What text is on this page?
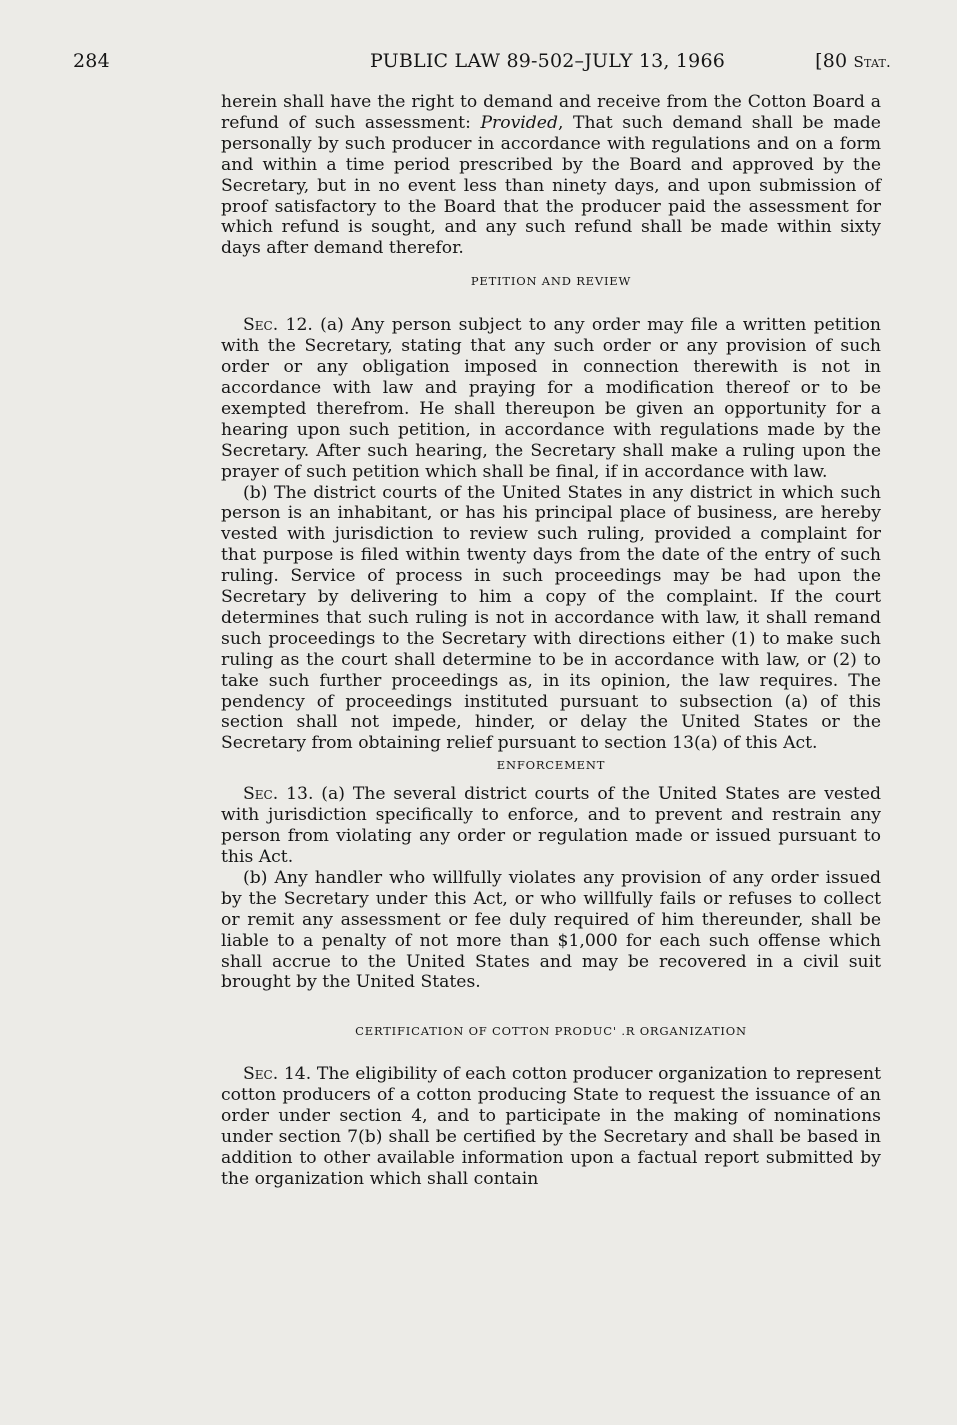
284	PUBLIC LAW 89-502–JULY 13, 1966	[80 Stat.

herein shall have the right to demand and receive from the Cotton Board a refund of such assessment: Provided, That such demand shall be made personally by such producer in accordance with regulations and on a form and within a time period prescribed by the Board and approved by the Secretary, but in no event less than ninety days, and upon submission of proof satisfactory to the Board that the producer paid the assessment for which refund is sought, and any such refund shall be made within sixty days after demand therefor.

PETITION AND REVIEW

Sec. 12. (a) Any person subject to any order may file a written petition with the Secretary, stating that any such order or any provision of such order or any obligation imposed in connection therewith is not in accordance with law and praying for a modification thereof or to be exempted therefrom. He shall thereupon be given an opportunity for a hearing upon such petition, in accordance with regulations made by the Secretary. After such hearing, the Secretary shall make a ruling upon the prayer of such petition which shall be final, if in accordance with law.

(b) The district courts of the United States in any district in which such person is an inhabitant, or has his principal place of business, are hereby vested with jurisdiction to review such ruling, provided a complaint for that purpose is filed within twenty days from the date of the entry of such ruling. Service of process in such proceedings may be had upon the Secretary by delivering to him a copy of the complaint. If the court determines that such ruling is not in accordance with law, it shall remand such proceedings to the Secretary with directions either (1) to make such ruling as the court shall determine to be in accordance with law, or (2) to take such further proceedings as, in its opinion, the law requires. The pendency of proceedings instituted pursuant to subsection (a) of this section shall not impede, hinder, or delay the United States or the Secretary from obtaining relief pursuant to section 13(a) of this Act.

ENFORCEMENT

Sec. 13. (a) The several district courts of the United States are vested with jurisdiction specifically to enforce, and to prevent and restrain any person from violating any order or regulation made or issued pursuant to this Act.

(b) Any handler who willfully violates any provision of any order issued by the Secretary under this Act, or who willfully fails or refuses to collect or remit any assessment or fee duly required of him thereunder, shall be liable to a penalty of not more than $1,000 for each such offense which shall accrue to the United States and may be recovered in a civil suit brought by the United States.

CERTIFICATION OF COTTON PRODUC' .R ORGANIZATION

Sec. 14. The eligibility of each cotton producer organization to represent cotton producers of a cotton producing State to request the issuance of an order under section 4, and to participate in the making of nominations under section 7(b) shall be certified by the Secretary and shall be based in addition to other available information upon a factual report submitted by the organization which shall contain
